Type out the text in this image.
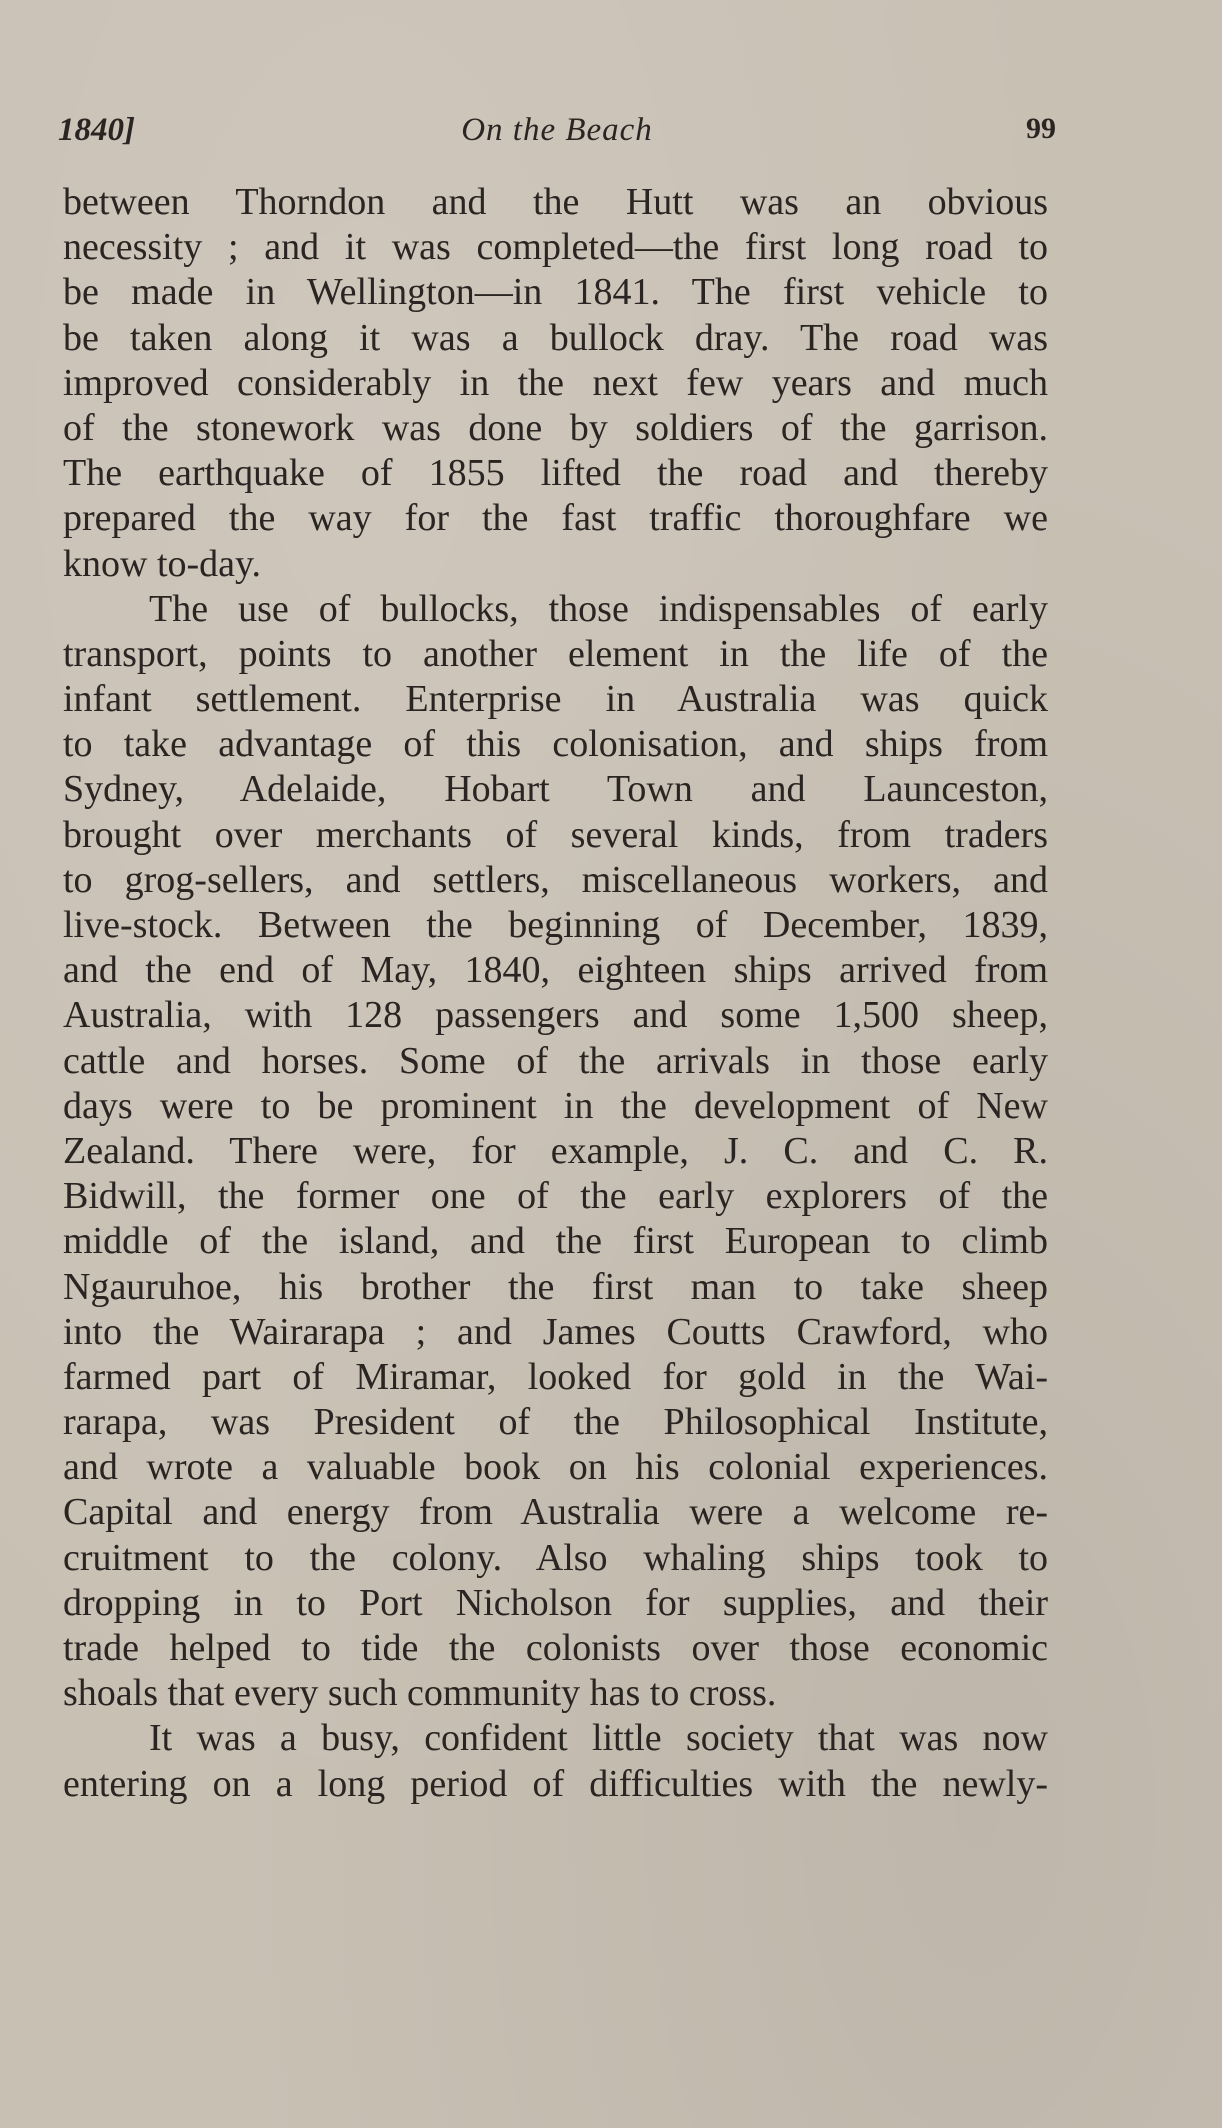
1840]	On the Beach	99
between Thorndon and the Hutt was an obvious
necessity ; and it was completed—the first long road to
be made in Wellington—in 1841. The first vehicle to
be taken along it was a bullock dray. The road was
improved considerably in the next few years and much
of the stonework was done by soldiers of the garrison.
The earthquake of 1855 lifted the road and thereby
prepared the way for the fast traffic thoroughfare we
know to-day.
The use of bullocks, those indispensables of early
transport, points to another element in the life of the
infant settlement. Enterprise in Australia was quick
to take advantage of this colonisation, and ships from
Sydney, Adelaide, Hobart Town and Launceston,
brought over merchants of several kinds, from traders
to grog-sellers, and settlers, miscellaneous workers, and
live-stock. Between the beginning of December, 1839,
and the end of May, 1840, eighteen ships arrived from
Australia, with 128 passengers and some 1,500 sheep,
cattle and horses. Some of the arrivals in those early
days were to be prominent in the development of New
Zealand. There were, for example, J. C. and C. R.
Bidwill, the former one of the early explorers of the
middle of the island, and the first European to climb
Ngauruhoe, his brother the first man to take sheep
into the Wairarapa ; and James Coutts Crawford, who
farmed part of Miramar, looked for gold in the Wai-
rarapa, was President of the Philosophical Institute,
and wrote a valuable book on his colonial experiences.
Capital and energy from Australia were a welcome re-
cruitment to the colony. Also whaling ships took to
dropping in to Port Nicholson for supplies, and their
trade helped to tide the colonists over those economic
shoals that every such community has to cross.
It was a busy, confident little society that was now
entering on a long period of difficulties with the newly-
